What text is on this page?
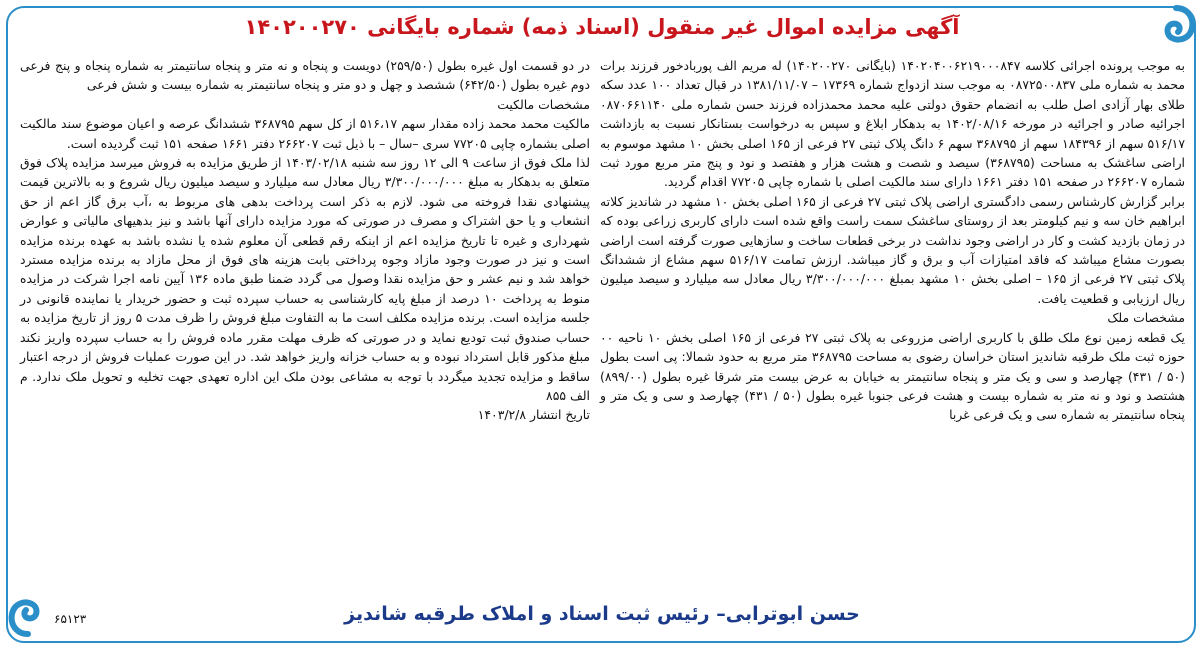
آگهی مزایده اموال غیر منقول (اسناد ذمه) شماره بایگانی ۱۴۰۲۰۰۲۷۰

به موجب پرونده اجرائی کلاسه ۱۴۰۲۰۴۰۰۶۲۱۹۰۰۰۸۴۷ (بایگانی ۱۴۰۲۰۰۲۷۰) له مریم الف پوربادخور فرزند برات محمد به شماره ملی ۰۸۷۲۵۰۰۸۳۷ به موجب سند ازدواج شماره ۱۷۳۶۹ – ۱۳۸۱/۱۱/۰۷ در قبال تعداد ۱۰۰ عدد سکه طلای بهار آزادی اصل طلب به انضمام حقوق دولتی علیه محمد محمدزاده فرزند حسن شماره ملی ۰۸۷۰۶۶۱۱۴۰ اجرائیه صادر و اجرائیه در مورخه ۱۴۰۲/۰۸/۱۶ به بدهکار ابلاغ و سپس به درخواست بستانکار نسبت به بازداشت ۵۱۶/۱۷ سهم از ۱۸۴۳۹۶ سهم از ۳۶۸۷۹۵ سهم ۶ دانگ پلاک ثبتی ۲۷ فرعی از ۱۶۵ اصلی بخش ۱۰ مشهد موسوم به اراضی ساغشک به مساحت (۳۶۸۷۹۵) سیصد و شصت و هشت هزار و هفتصد و نود و پنج متر مربع مورد ثبت شماره ۲۶۶۲۰۷ در صفحه ۱۵۱ دفتر ۱۶۶۱ دارای سند مالکیت اصلی با شماره چاپی ۷۷۲۰۵ اقدام گردید.

برابر گزارش کارشناس رسمی دادگستری اراضی پلاک ثبتی ۲۷ فرعی از ۱۶۵ اصلی بخش ۱۰ مشهد در شاندیز کلاته ابراهیم خان سه و نیم کیلومتر بعد از روستای ساغشک سمت راست واقع شده است دارای کاربری زراعی بوده که در زمان بازدید کشت و کار در اراضی وجود نداشت در برخی قطعات ساخت و سازهایی صورت گرفته است اراضی بصورت مشاع میباشد که فاقد امتیازات آب و برق و گاز میباشد. ارزش تمامت ۵۱۶/۱۷ سهم مشاع از ششدانگ پلاک ثبتی ۲۷ فرعی از ۱۶۵ – اصلی بخش ۱۰ مشهد بمبلغ ۳/۳۰۰/۰۰۰/۰۰۰ ریال معادل سه میلیارد و سیصد میلیون ریال ارزیابی و قطعیت یافت.

مشخصات ملک

یک قطعه زمین نوع ملک طلق با کاربری اراضی مزروعی به پلاک ثبتی ۲۷ فرعی از ۱۶۵ اصلی بخش ۱۰ ناحیه ۰۰ حوزه ثبت ملک طرقبه شاندیز استان خراسان رضوی به مساحت ۳۶۸۷۹۵ متر مربع به حدود شمالا: پی است بطول (۵۰ / ۴۳۱) چهارصد و سی و یک متر و پنجاه سانتیمتر به خیابان به عرض بیست متر شرقا غیره بطول (۸۹۹/۰۰) هشتصد و نود و نه متر به شماره بیست و هشت فرعی جنوبا غیره بطول (۵۰ / ۴۳۱) چهارصد و سی و یک متر و پنجاه سانتیمتر به شماره سی و یک فرعی غربا

در دو قسمت اول غیره بطول (۲۵۹/۵۰) دویست و پنجاه و نه متر و پنجاه سانتیمتر به شماره پنجاه و پنج فرعی دوم غیره بطول (۶۴۲/۵۰) ششصد و چهل و دو متر و پنجاه سانتیمتر به شماره بیست و شش فرعی

مشخصات مالکیت

مالکیت محمد محمد زاده مقدار سهم ۵۱۶،۱۷ از کل سهم ۳۶۸۷۹۵ ششدانگ عرصه و اعیان موضوع سند مالکیت اصلی بشماره چاپی ۷۷۲۰۵ سری –سال – با ذیل ثبت ۲۶۶۲۰۷ دفتر ۱۶۶۱ صفحه ۱۵۱ ثبت گردیده است.

لذا ملک فوق از ساعت ۹ الی ۱۲ روز سه شنبه ۱۴۰۳/۰۲/۱۸ از طریق مزایده به فروش میرسد مزایده پلاک فوق متعلق به بدهکار به مبلغ ۳/۳۰۰/۰۰۰/۰۰۰ ریال معادل سه میلیارد و سیصد میلیون ریال شروع و به بالاترین قیمت پیشنهادی نقدا فروخته می شود. لازم به ذکر است پرداخت بدهی های مربوط به ،آب برق گاز اعم از حق انشعاب و یا حق اشتراک و مصرف در صورتی که مورد مزایده دارای آنها باشد و نیز بدهیهای مالیاتی و عوارض شهرداری و غیره تا تاریخ مزایده اعم از اینکه رقم قطعی آن معلوم شده یا نشده باشد به عهده برنده مزایده است و نیز در صورت وجود مازاد وجوه پرداختی بابت هزینه های فوق از محل مازاد به برنده مزایده مسترد خواهد شد و نیم عشر و حق مزایده نقدا وصول می گردد ضمنا طبق ماده ۱۳۶ آیین نامه اجرا شرکت در مزایده منوط به پرداخت ۱۰ درصد از مبلغ پایه کارشناسی به حساب سپرده ثبت و حضور خریدار یا نماینده قانونی در جلسه مزایده است. برنده مزایده مکلف است ما به التفاوت مبلغ فروش را ظرف مدت ۵ روز از تاریخ مزایده به حساب صندوق ثبت تودیع نماید و در صورتی که ظرف مهلت مقرر ماده فروش را به حساب سپرده واریز نکند مبلغ مذکور قابل استرداد نبوده و به حساب خزانه واریز خواهد شد. در این صورت عملیات فروش از درجه اعتبار ساقط و مزایده تجدید میگردد با توجه به مشاعی بودن ملک این اداره تعهدی جهت تخلیه و تحویل ملک ندارد. م الف ۸۵۵

تاریخ انتشار ۱۴۰۳/۲/۸

حسن ابوترابی– رئیس ثبت اسناد و املاک طرقبه شاندیز
۶۵۱۲۳
